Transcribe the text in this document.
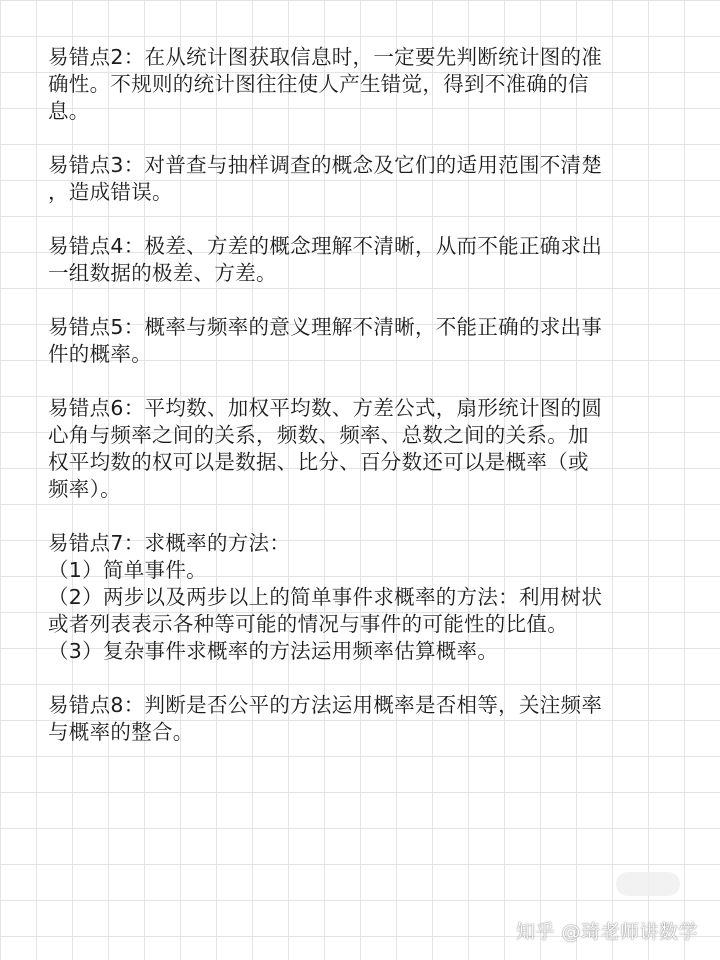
易错点2：在从统计图获取信息时，一定要先判断统计图的准
确性。不规则的统计图往往使人产生错觉，得到不准确的信
息。

易错点3：对普查与抽样调查的概念及它们的适用范围不清楚
，造成错误。

易错点4：极差、方差的概念理解不清晰，从而不能正确求出
一组数据的极差、方差。

易错点5：概率与频率的意义理解不清晰，不能正确的求出事
件的概率。

易错点6：平均数、加权平均数、方差公式，扇形统计图的圆
心角与频率之间的关系，频数、频率、总数之间的关系。加
权平均数的权可以是数据、比分、百分数还可以是概率（或
频率）。

易错点7：求概率的方法：
（1）简单事件。
（2）两步以及两步以上的简单事件求概率的方法：利用树状
或者列表表示各种等可能的情况与事件的可能性的比值。
（3）复杂事件求概率的方法运用频率估算概率。

易错点8：判断是否公平的方法运用概率是否相等，关注频率
与概率的整合。

知乎 @琦老师讲数学
